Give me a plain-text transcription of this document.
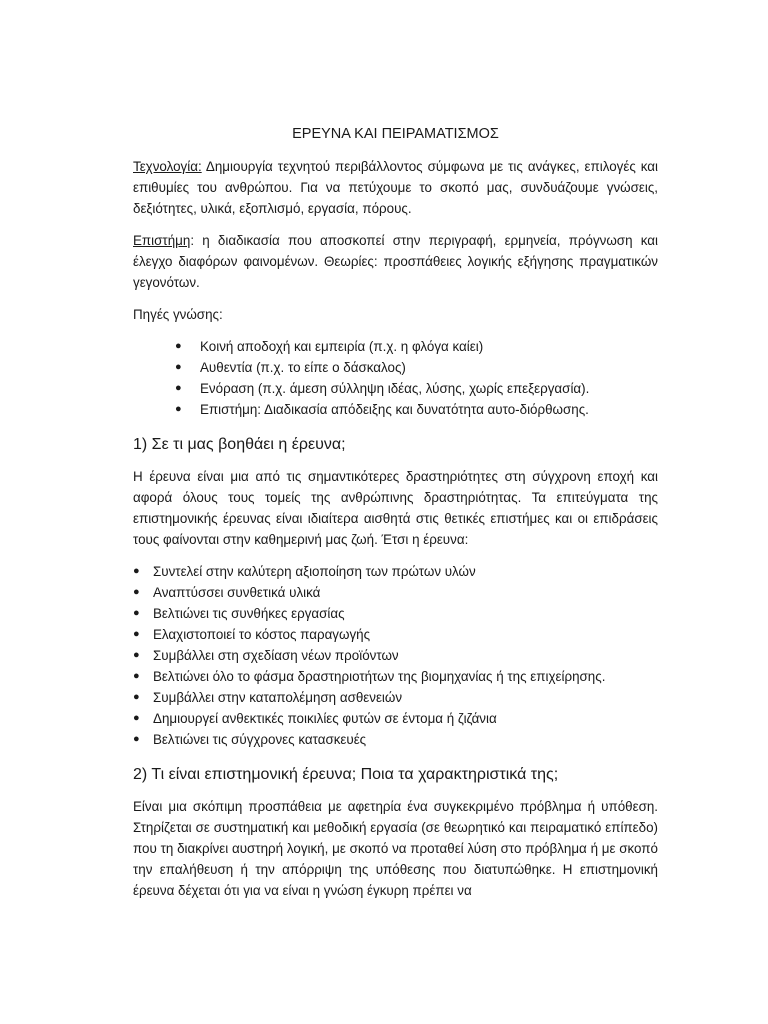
ΕΡΕΥΝΑ ΚΑΙ ΠΕΙΡΑΜΑΤΙΣΜΟΣ

Τεχνολογία: Δημιουργία τεχνητού περιβάλλοντος σύμφωνα με τις ανάγκες, επιλογές και επιθυμίες του ανθρώπου. Για να πετύχουμε το σκοπό μας, συνδυάζουμε γνώσεις, δεξιότητες, υλικά, εξοπλισμό, εργασία, πόρους.

Επιστήμη: η διαδικασία που αποσκοπεί στην περιγραφή, ερμηνεία, πρόγνωση και έλεγχο διαφόρων φαινομένων. Θεωρίες: προσπάθειες λογικής εξήγησης πραγματικών γεγονότων.

Πηγές γνώσης:

● Κοινή αποδοχή και εμπειρία (π.χ. η φλόγα καίει)
● Αυθεντία (π.χ. το είπε ο δάσκαλος)
● Ενόραση (π.χ. άμεση σύλληψη ιδέας, λύσης, χωρίς επεξεργασία).
● Επιστήμη: Διαδικασία απόδειξης και δυνατότητα αυτο-διόρθωσης.
1) Σε τι μας βοηθάει η έρευνα;

Η έρευνα είναι μια από τις σημαντικότερες δραστηριότητες στη σύγχρονη εποχή και αφορά όλους τους τομείς της ανθρώπινης δραστηριότητας. Τα επιτεύγματα της επιστημονικής έρευνας είναι ιδιαίτερα αισθητά στις θετικές επιστήμες και οι επιδράσεις τους φαίνονται στην καθημερινή μας ζωή. Έτσι η έρευνα:

● Συντελεί στην καλύτερη αξιοποίηση των πρώτων υλών
● Αναπτύσσει συνθετικά υλικά
● Βελτιώνει τις συνθήκες εργασίας
● Ελαχιστοποιεί το κόστος παραγωγής
● Συμβάλλει στη σχεδίαση νέων προϊόντων
● Βελτιώνει όλο το φάσμα δραστηριοτήτων της βιομηχανίας ή της επιχείρησης.
● Συμβάλλει στην καταπολέμηση ασθενειών
● Δημιουργεί ανθεκτικές ποικιλίες φυτών σε έντομα ή ζιζάνια
● Βελτιώνει τις σύγχρονες κατασκευές
2) Τι είναι επιστημονική έρευνα; Ποια τα χαρακτηριστικά της;

Είναι μια σκόπιμη προσπάθεια με αφετηρία ένα συγκεκριμένο πρόβλημα ή υπόθεση. Στηρίζεται σε συστηματική και μεθοδική εργασία (σε θεωρητικό και πειραματικό επίπεδο) που τη διακρίνει αυστηρή λογική, με σκοπό να προταθεί λύση στο πρόβλημα ή με σκοπό την επαλήθευση ή την απόρριψη της υπόθεσης που διατυπώθηκε. Η επιστημονική έρευνα δέχεται ότι για να είναι η γνώση έγκυρη πρέπει να
